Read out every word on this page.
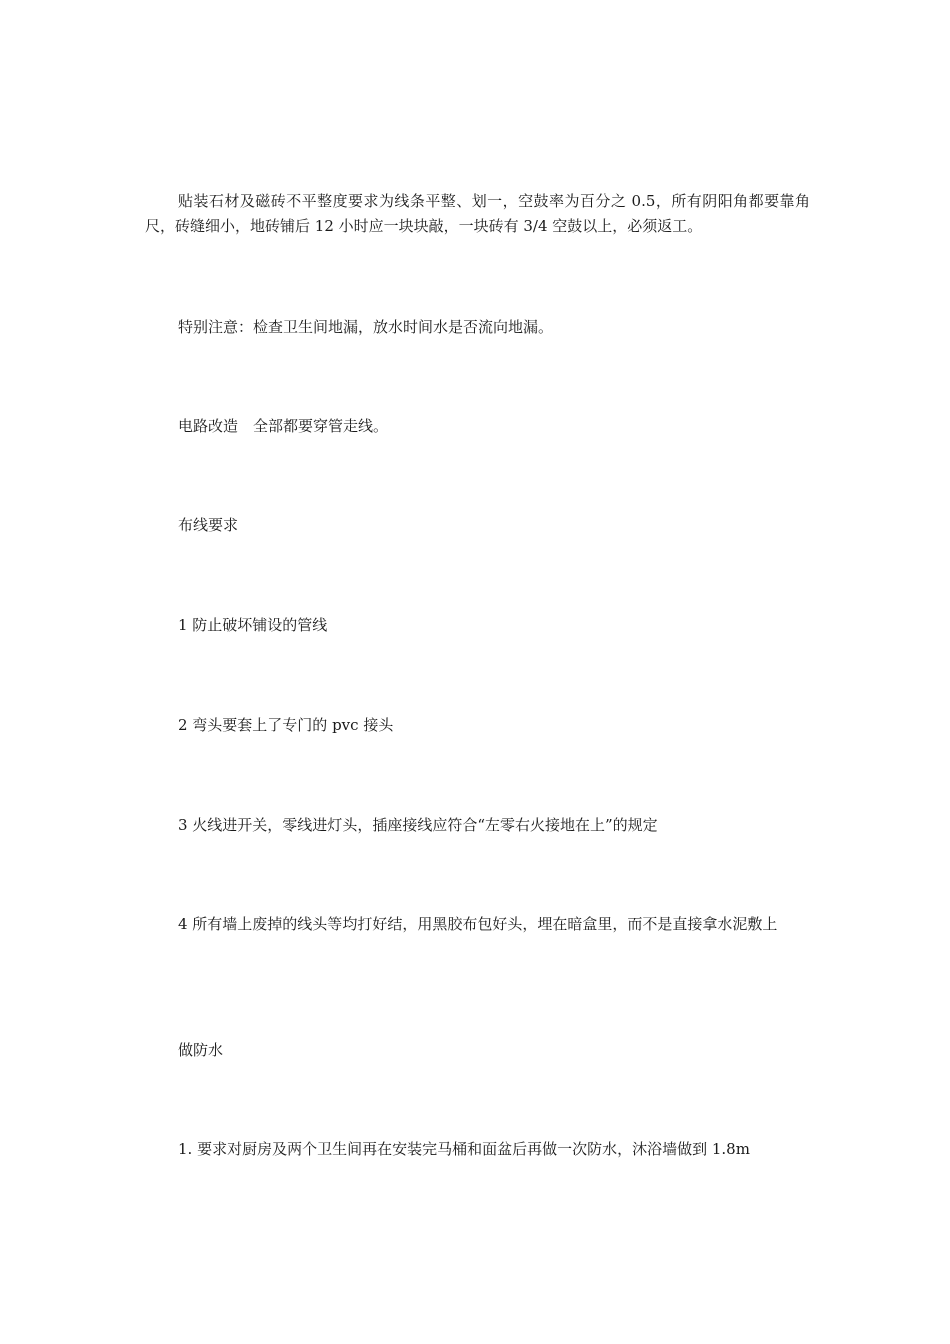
贴装石材及磁砖不平整度要求为线条平整、划一，空鼓率为百分之 0.5，所有阴阳角都要靠角尺，砖缝细小，地砖铺后 12 小时应一块块敲，一块砖有 3/4 空鼓以上，必须返工。

特别注意：检查卫生间地漏，放水时间水是否流向地漏。

电路改造　全部都要穿管走线。

布线要求

1 防止破坏铺设的管线

2 弯头要套上了专门的 pvc 接头

3 火线进开关，零线进灯头，插座接线应符合“左零右火接地在上”的规定

4 所有墙上废掉的线头等均打好结，用黑胶布包好头，埋在暗盒里，而不是直接拿水泥敷上

做防水

1. 要求对厨房及两个卫生间再在安装完马桶和面盆后再做一次防水，沐浴墙做到 1.8m
